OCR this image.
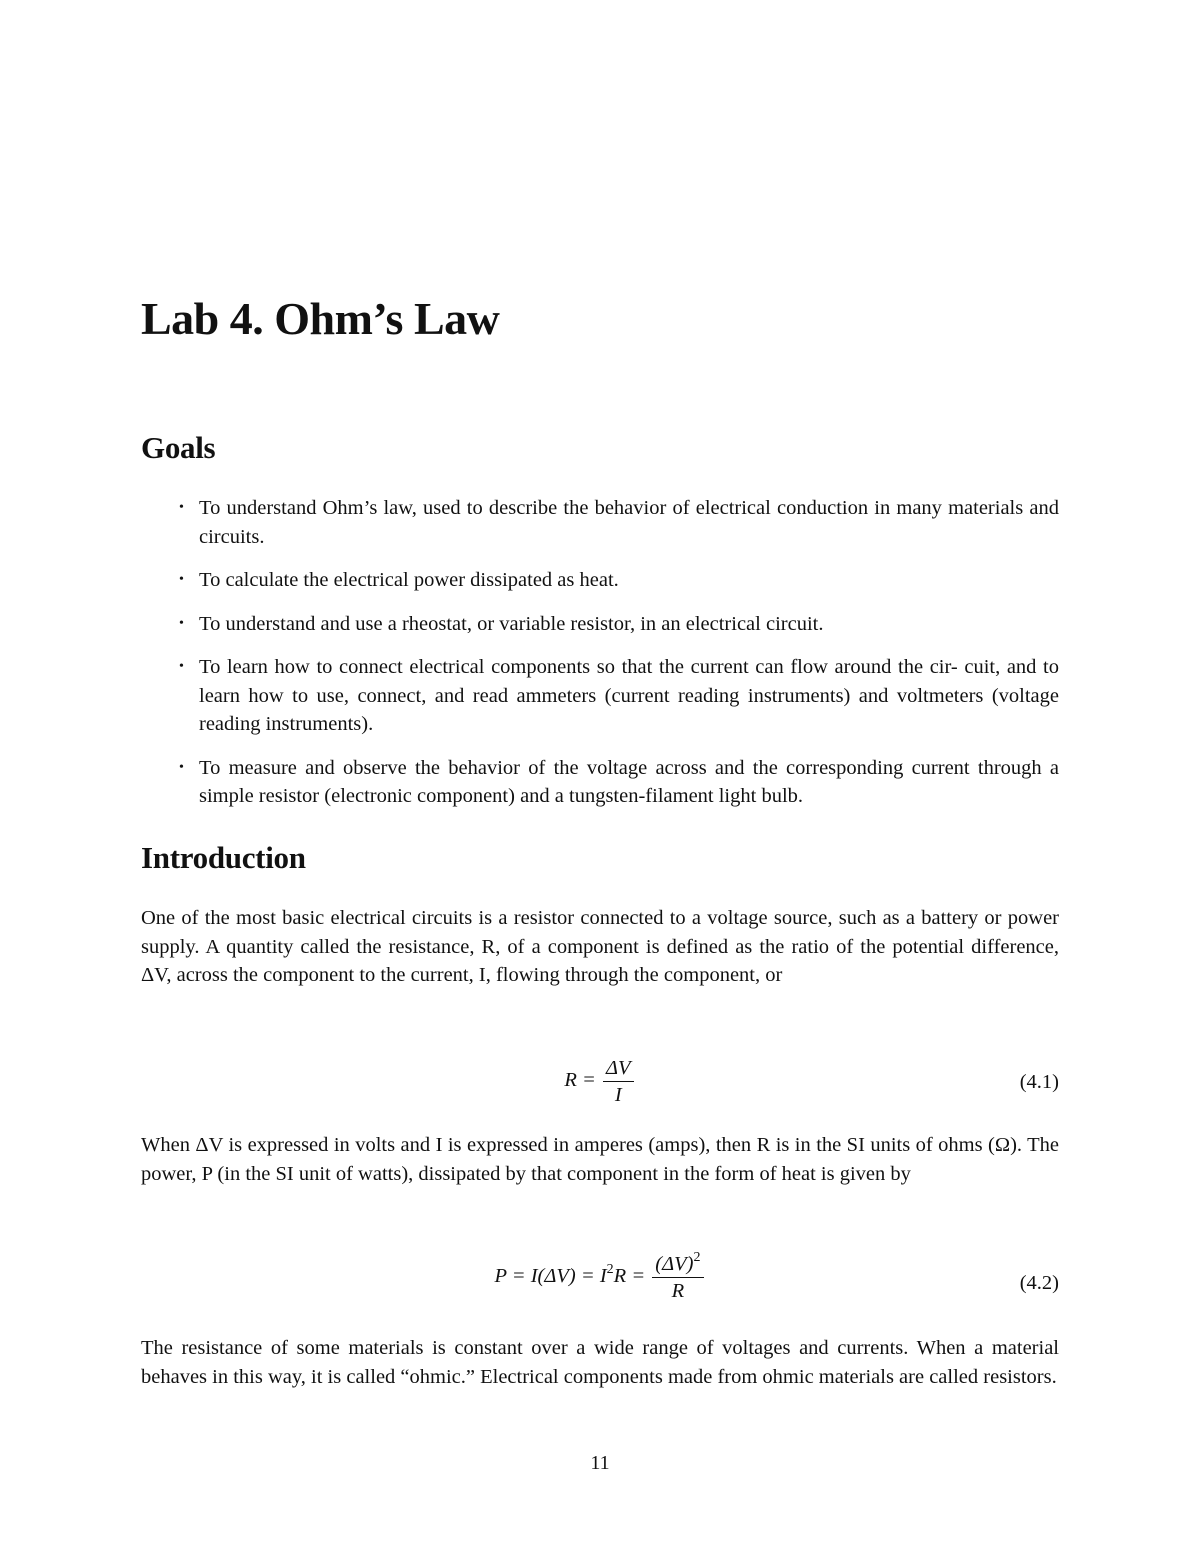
Lab 4. Ohm’s Law
Goals
• To understand Ohm’s law, used to describe the behavior of electrical conduction in many materials and circuits.
• To calculate the electrical power dissipated as heat.
• To understand and use a rheostat, or variable resistor, in an electrical circuit.
• To learn how to connect electrical components so that the current can flow around the cir- cuit, and to learn how to use, connect, and read ammeters (current reading instruments) and voltmeters (voltage reading instruments).
• To measure and observe the behavior of the voltage across and the corresponding current through a simple resistor (electronic component) and a tungsten-filament light bulb.
Introduction

One of the most basic electrical circuits is a resistor connected to a voltage source, such as a battery or power supply. A quantity called the resistance, R, of a component is defined as the ratio of the potential difference, ΔV, across the component to the current, I, flowing through the component, or

$R = \frac{\Delta V}{I}$	(4.1)

When ΔV is expressed in volts and I is expressed in amperes (amps), then R is in the SI units of ohms (Ω). The power, P (in the SI unit of watts), dissipated by that component in the form of heat is given by

$P = I(\Delta V) = I^2R = \frac{(\Delta V)^2}{R}$	(4.2)

The resistance of some materials is constant over a wide range of voltages and currents. When a material behaves in this way, it is called “ohmic.” Electrical components made from ohmic materials are called resistors.

11
